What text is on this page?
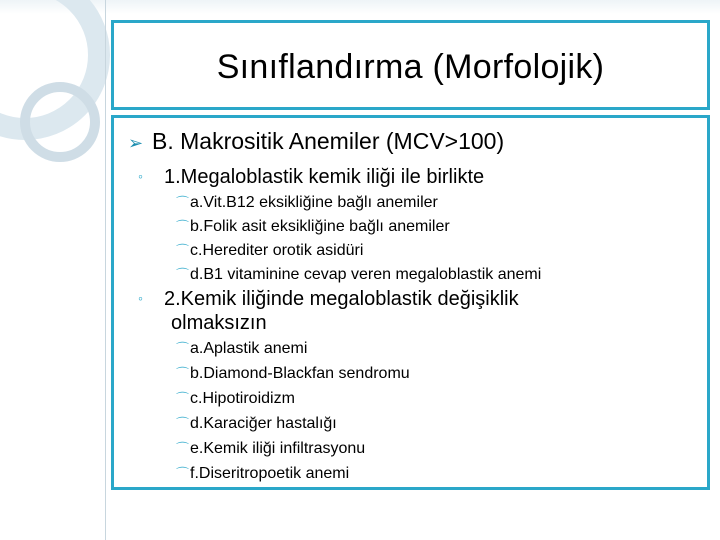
Sınıflandırma (Morfolojik)
➢ B. Makrositik Anemiler (MCV>100)
◦ 1.Megaloblastik kemik iliği ile birlikte
⌒a.Vit.B12 eksikliğine bağlı anemiler
⌒b.Folik asit eksikliğine bağlı anemiler
⌒c.Herediter orotik asidüri
⌒d.B1 vitaminine cevap veren megaloblastik anemi
◦ 2.Kemik iliğinde megaloblastik değişiklik
olmaksızın
⌒a.Aplastik anemi
⌒b.Diamond-Blackfan sendromu
⌒c.Hipotiroidizm
⌒d.Karaciğer hastalığı
⌒e.Kemik iliği infiltrasyonu
⌒f.Diseritropoetik anemi
